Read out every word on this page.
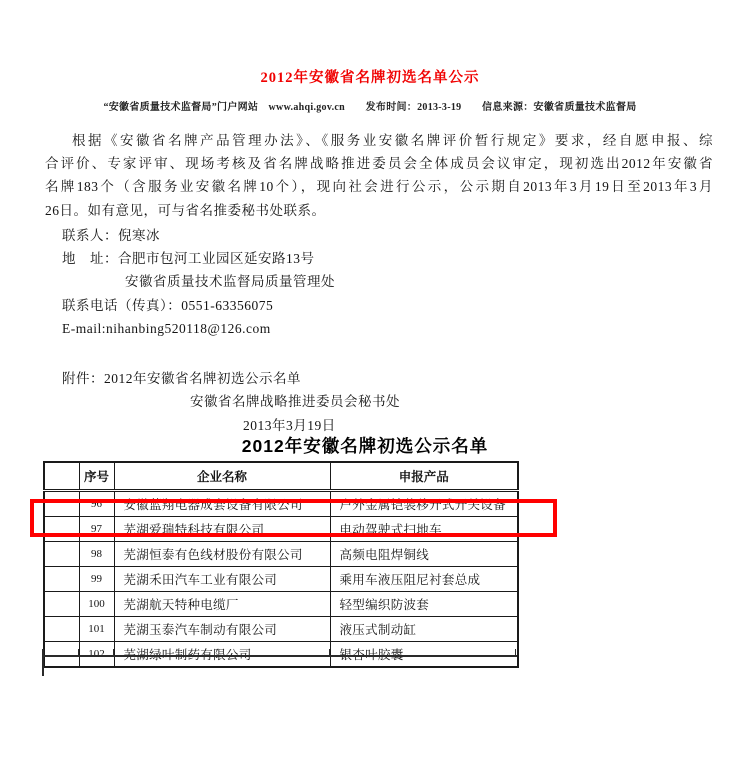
2012年安徽省名牌初选名单公示
“安徽省质量技术监督局”门户网站　www.ahqi.gov.cn　　发布时间：2013-3-19　　信息来源：安徽省质量技术监督局
根据《安徽省名牌产品管理办法》、《服务业安徽名牌评价暂行规定》要求，经自愿申报、综
合评价、专家评审、现场考核及省名牌战略推进委员会全体成员会议审定，现初选出2012年安徽省
名牌183个（含服务业安徽名牌10个），现向社会进行公示，公示期自2013年3月19日至2013年3月
26日。如有意见，可与省名推委秘书处联系。
联系人：倪寒冰
地　址：合肥市包河工业园区延安路13号
安徽省质量技术监督局质量管理处
联系电话（传真）：0551-63356075
E-mail:nihanbing520118@126.com
附件：2012年安徽省名牌初选公示名单
安徽省名牌战略推进委员会秘书处
2013年3月19日
2012年安徽名牌初选公示名单
	序号	企业名称	申报产品
	96	安徽蓝翔电器成套设备有限公司	户外金属铠装移开式开关设备
	97	芜湖爱瑞特科技有限公司	电动驾驶式扫地车
	98	芜湖恒泰有色线材股份有限公司	高频电阻焊铜线
	99	芜湖禾田汽车工业有限公司	乘用车液压阻尼衬套总成
	100	芜湖航天特种电缆厂	轻型编织防波套
	101	芜湖玉泰汽车制动有限公司	液压式制动缸
	102	芜湖绿叶制药有限公司	银杏叶胶囊
